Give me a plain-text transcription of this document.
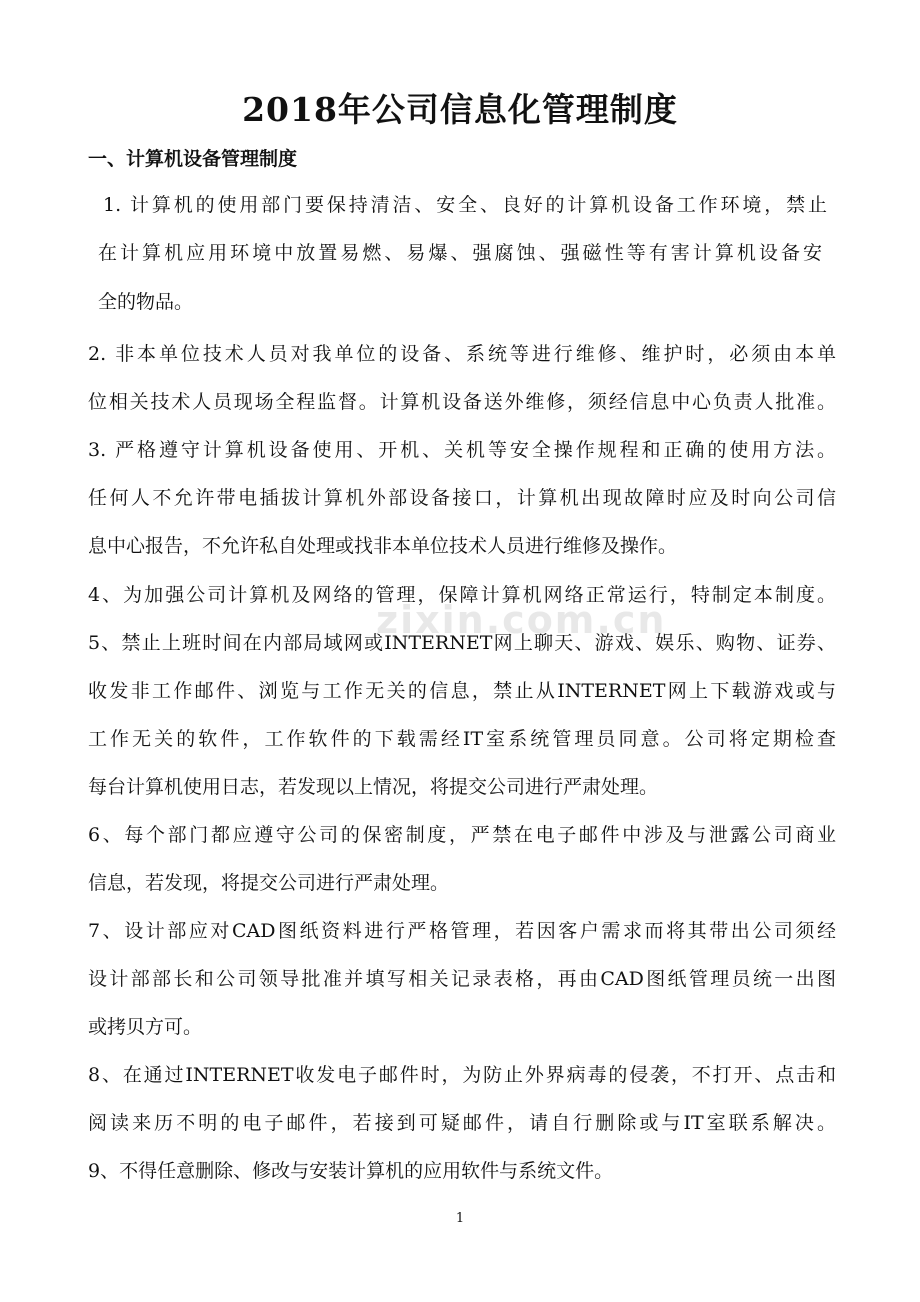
zixin.com.cn
2018年公司信息化管理制度
一、计算机设备管理制度
1. 计算机的使用部门要保持清洁、安全、良好的计算机设备工作环境，禁止
在计算机应用环境中放置易燃、易爆、强腐蚀、强磁性等有害计算机设备安
全的物品。
2. 非本单位技术人员对我单位的设备、系统等进行维修、维护时，必须由本单
位相关技术人员现场全程监督。计算机设备送外维修，须经信息中心负责人批准。
3. 严格遵守计算机设备使用、开机、关机等安全操作规程和正确的使用方法。
任何人不允许带电插拔计算机外部设备接口，计算机出现故障时应及时向公司信
息中心报告，不允许私自处理或找非本单位技术人员进行维修及操作。
4、为加强公司计算机及网络的管理，保障计算机网络正常运行，特制定本制度。
5、禁止上班时间在内部局域网或INTERNET网上聊天、游戏、娱乐、购物、证券、
收发非工作邮件、浏览与工作无关的信息，禁止从INTERNET网上下载游戏或与
工作无关的软件，工作软件的下载需经IT室系统管理员同意。公司将定期检查
每台计算机使用日志，若发现以上情况，将提交公司进行严肃处理。
6、每个部门都应遵守公司的保密制度，严禁在电子邮件中涉及与泄露公司商业
信息，若发现，将提交公司进行严肃处理。
7、设计部应对CAD图纸资料进行严格管理，若因客户需求而将其带出公司须经
设计部部长和公司领导批准并填写相关记录表格，再由CAD图纸管理员统一出图
或拷贝方可。
8、在通过INTERNET收发电子邮件时，为防止外界病毒的侵袭，不打开、点击和
阅读来历不明的电子邮件，若接到可疑邮件，请自行删除或与IT室联系解决。
9、不得任意删除、修改与安装计算机的应用软件与系统文件。
1
